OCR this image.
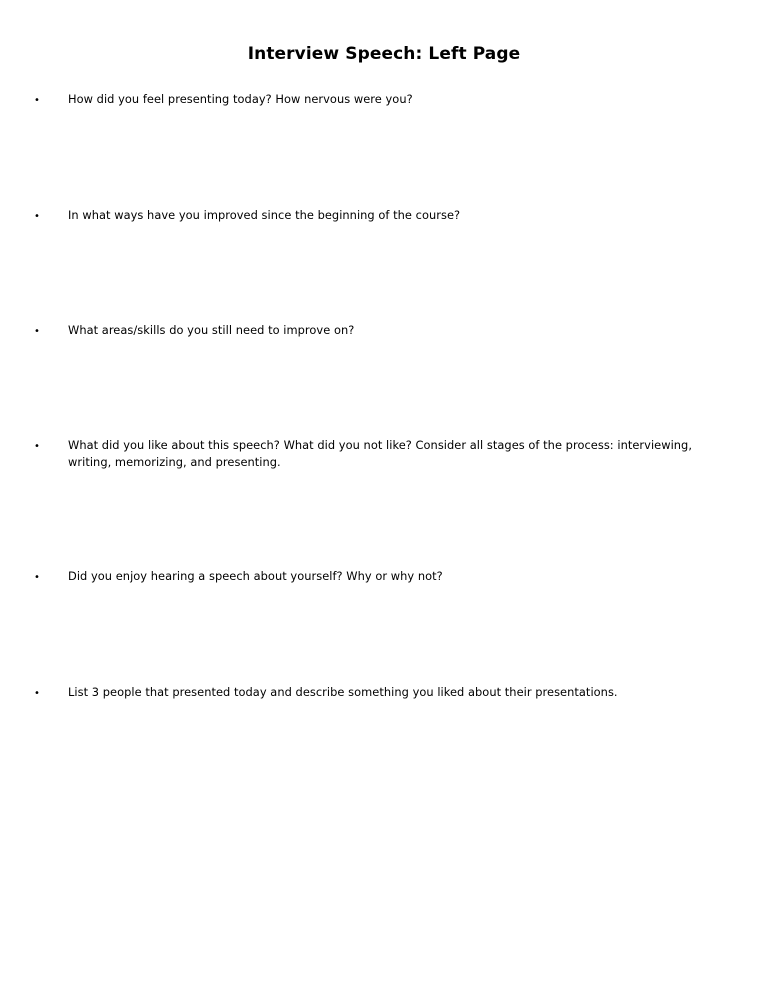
Interview Speech: Left Page
•	How did you feel presenting today? How nervous were you?
•	In what ways have you improved since the beginning of the course?
•	What areas/skills do you still need to improve on?
•	What did you like about this speech? What did you not like? Consider all stages of the process: interviewing, writing, memorizing, and presenting.
•	Did you enjoy hearing a speech about yourself? Why or why not?
•	List 3 people that presented today and describe something you liked about their presentations.
